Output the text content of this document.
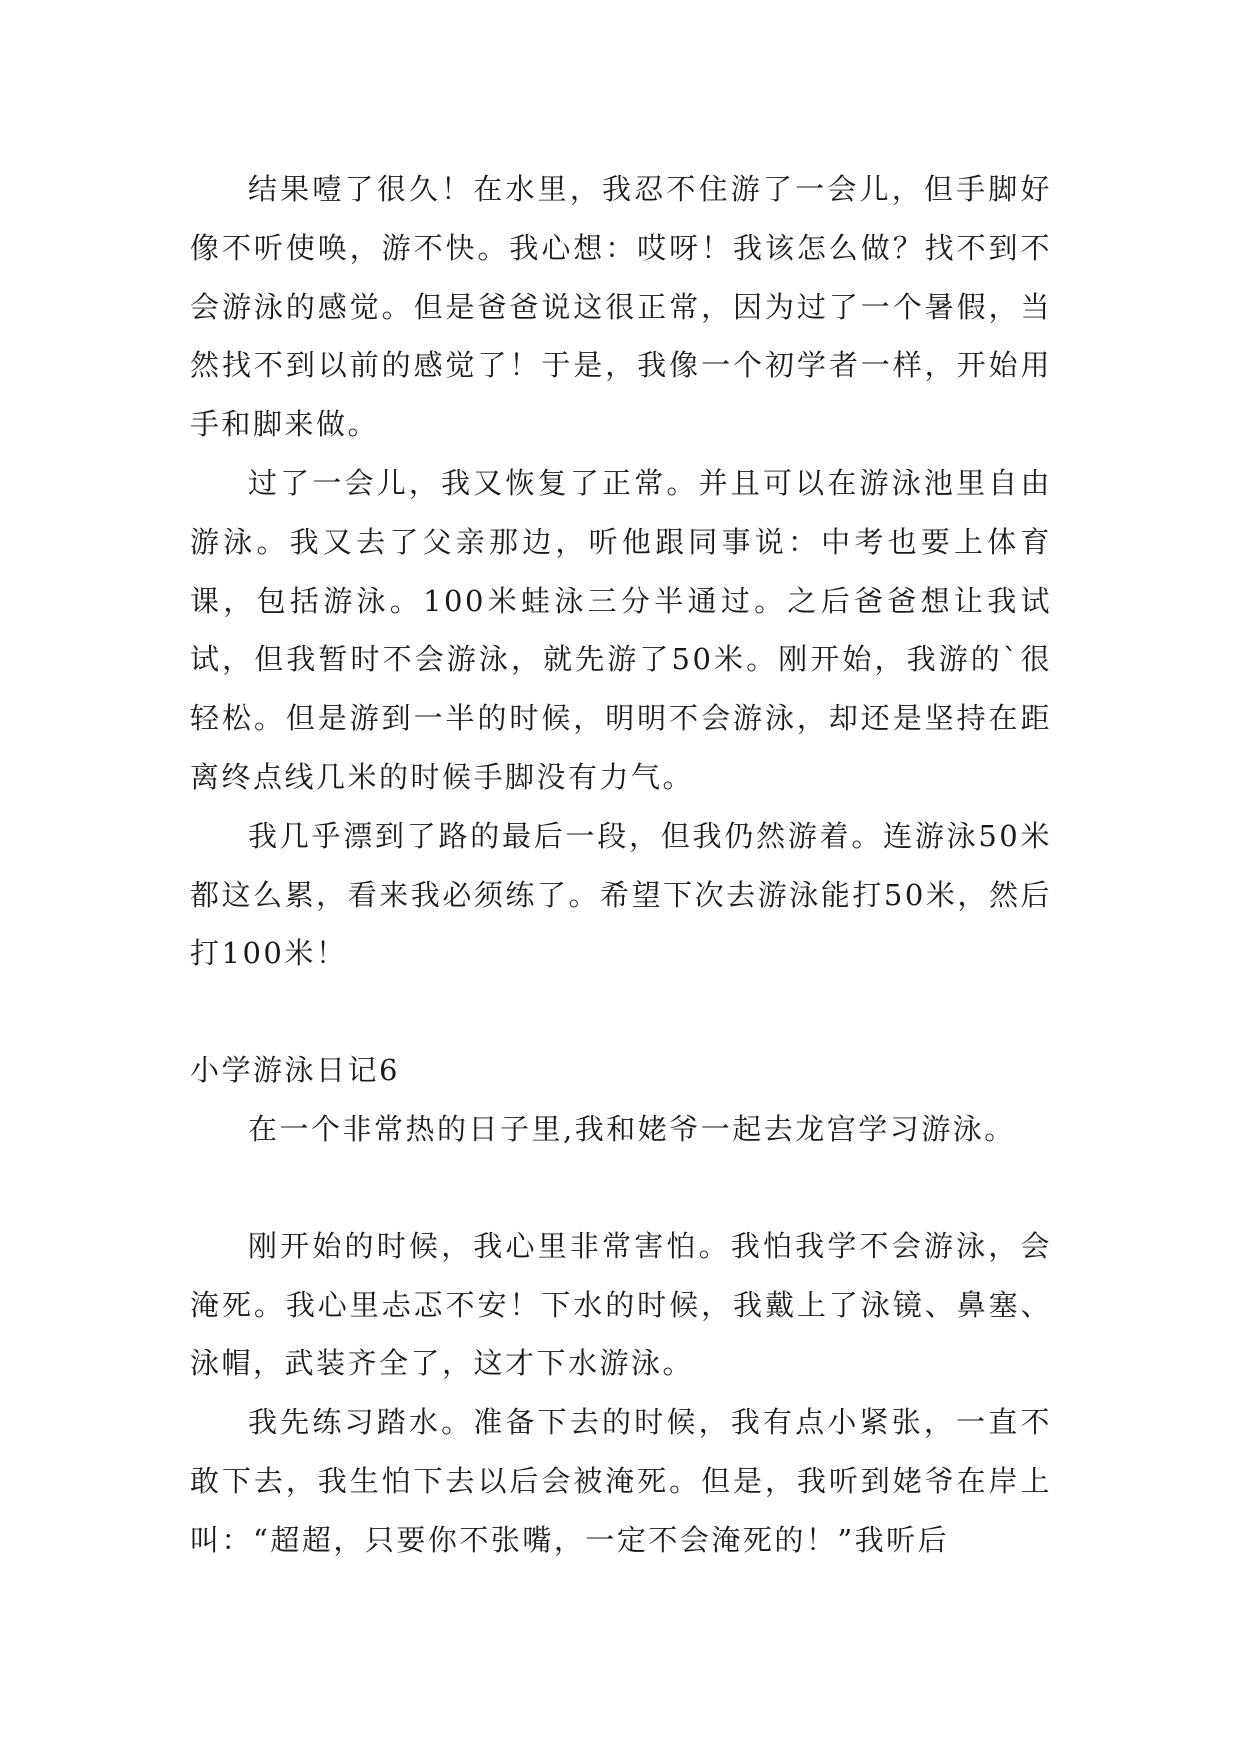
结果噎了很久！在水里，我忍不住游了一会儿，但手脚好像不听使唤，游不快。我心想：哎呀！我该怎么做？找不到不会游泳的感觉。但是爸爸说这很正常，因为过了一个暑假，当然找不到以前的感觉了！于是，我像一个初学者一样，开始用手和脚来做。

过了一会儿，我又恢复了正常。并且可以在游泳池里自由游泳。我又去了父亲那边，听他跟同事说：中考也要上体育课，包括游泳。100米蛙泳三分半通过。之后爸爸想让我试试，但我暂时不会游泳，就先游了50米。刚开始，我游的`很轻松。但是游到一半的时候，明明不会游泳，却还是坚持在距离终点线几米的时候手脚没有力气。

我几乎漂到了路的最后一段，但我仍然游着。连游泳50米都这么累，看来我必须练了。希望下次去游泳能打50米，然后打100米！

小学游泳日记6

在一个非常热的日子里,我和姥爷一起去龙宫学习游泳。

刚开始的时候，我心里非常害怕。我怕我学不会游泳，会淹死。我心里忐忑不安！下水的时候，我戴上了泳镜、鼻塞、泳帽，武装齐全了，这才下水游泳。

我先练习踏水。准备下去的时候，我有点小紧张，一直不敢下去，我生怕下去以后会被淹死。但是，我听到姥爷在岸上叫：“超超，只要你不张嘴，一定不会淹死的！”我听后
